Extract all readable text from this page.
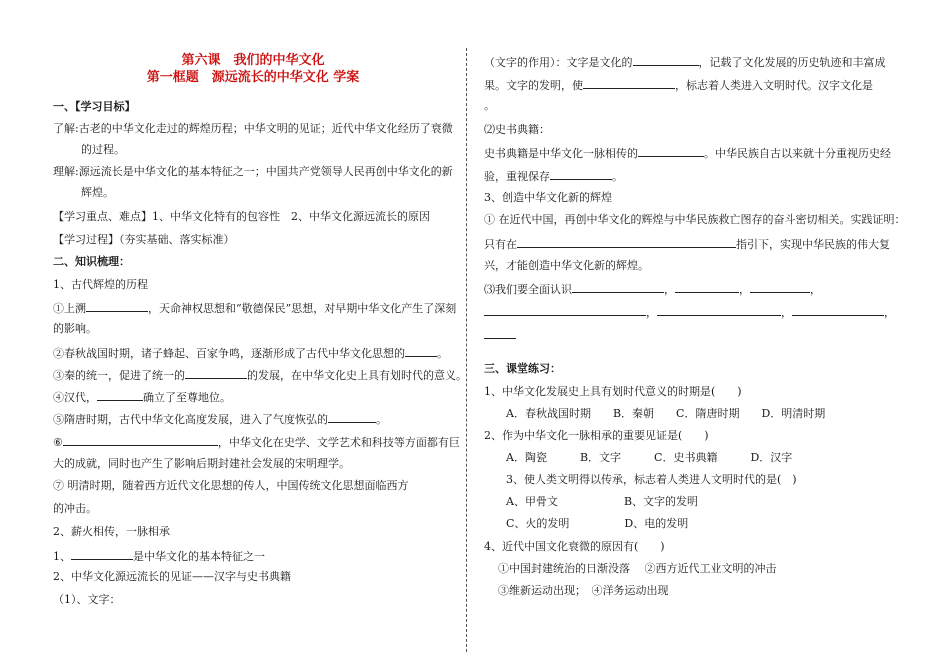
第六课　我们的中华文化
第一框题　源远流长的中华文化 学案
一、【学习目标】
了解:古老的中华文化走过的辉煌历程；中华文明的见证；近代中华文化经历了衰微
的过程。
理解:源远流长是中华文化的基本特征之一；中国共产党领导人民再创中华文化的新
辉煌。
【学习重点、难点】1、中华文化特有的包容性　2、中华文化源远流长的原因
【学习过程】（夯实基础、落实标准）
二、知识梳理：
1、古代辉煌的历程
①上溯	，天命神权思想和“敬德保民”思想，对早期中华文化产生了深刻
的影响。
②春秋战国时期，诸子蜂起、百家争鸣，逐渐形成了古代中华文化思想的	。
③秦的统一，促进了统一的	的发展，在中华文化史上具有划时代的意义。
④汉代，	确立了至尊地位。
⑤隋唐时期，古代中华文化高度发展，进入了气度恢弘的	。
⑥	，中华文化在史学、文学艺术和科技等方面都有巨
大的成就，同时也产生了影响后期封建社会发展的宋明理学。
⑦ 明清时期，随着西方近代文化思想的传人，中国传统文化思想面临西方
的冲击。
2、薪火相传，一脉相承
1、	是中华文化的基本特征之一
2、中华文化源远流长的见证——汉字与史书典籍
（1）、文字：
（文字的作用）：文字是文化的	，记载了文化发展的历史轨迹和丰富成
果。文字的发明，使	，标志着人类进入文明时代。汉字文化是
。
⑵史书典籍：
史书典籍是中华文化一脉相传的	。中华民族自古以来就十分重视历史经
验，重视保存	。
3、创造中华文化新的辉煌
① 在近代中国，再创中华文化的辉煌与中华民族救亡图存的奋斗密切相关。实践证明：
只有在	指引下，实现中华民族的伟大复
兴，才能创造中华文化新的辉煌。
⑶我们要全面认识	，	，	，
，	，	，
三、课堂练习：
1、中华文化发展史上具有划时代意义的时期是(　　)
A．春秋战国时期　　B．秦朝　　C．隋唐时期　　D．明清时期
2、作为中华文化一脉相承的重要见证是(　　)
A．陶瓷　　　B．文字　　　C．史书典籍　　　D．汉字
3、使人类文明得以传承，标志着人类进人文明时代的是(　)
A、甲骨文　　　　　　B、文字的发明
C、火的发明　　　　　D、电的发明
4、近代中国文化衰微的原因有(　　)
①中国封建统治的日渐没落　 ②西方近代工业文明的冲击
③维新运动出现；　④洋务运动出现
